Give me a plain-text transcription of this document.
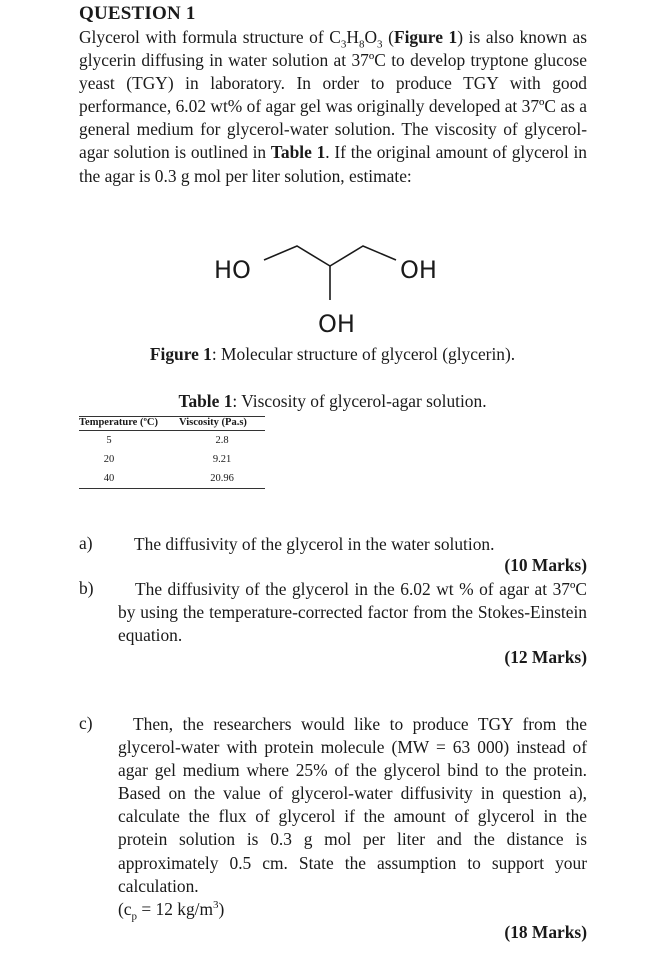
QUESTION 1
Glycerol with formula structure of $C_3H_8O_3$ (Figure 1) is also known as glycerin diffusing in water solution at 37ºC to develop tryptone glucose yeast (TGY) in laboratory. In order to produce TGY with good performance, 6.02 wt% of agar gel was originally developed at 37ºC as a general medium for glycerol-water solution. The viscosity of glycerol-agar solution is outlined in Table 1. If the original amount of glycerol in the agar is 0.3 g mol per liter solution, estimate:
HO	OH
OH
Figure 1: Molecular structure of glycerol (glycerin).
Table 1: Viscosity of glycerol-agar solution.
Temperature (ºC)	Viscosity (Pa.s)
5	2.8
20	9.21
40	20.96
a) The diffusivity of the glycerol in the water solution.
(10 Marks)
b)	The diffusivity of the glycerol in the 6.02 wt % of agar at 37ºC by using the temperature-corrected factor from the Stokes-Einstein equation.
(12 Marks)
c)	Then, the researchers would like to produce TGY from the glycerol-water with protein molecule (MW = 63 000) instead of agar gel medium where 25% of the glycerol bind to the protein. Based on the value of glycerol-water diffusivity in question a), calculate the flux of glycerol if the amount of glycerol in the protein solution is 0.3 g mol per liter and the distance is approximately 0.5 cm. State the assumption to support your calculation.
($c_p = 12$ $kg/m^3$)
(18 Marks)
